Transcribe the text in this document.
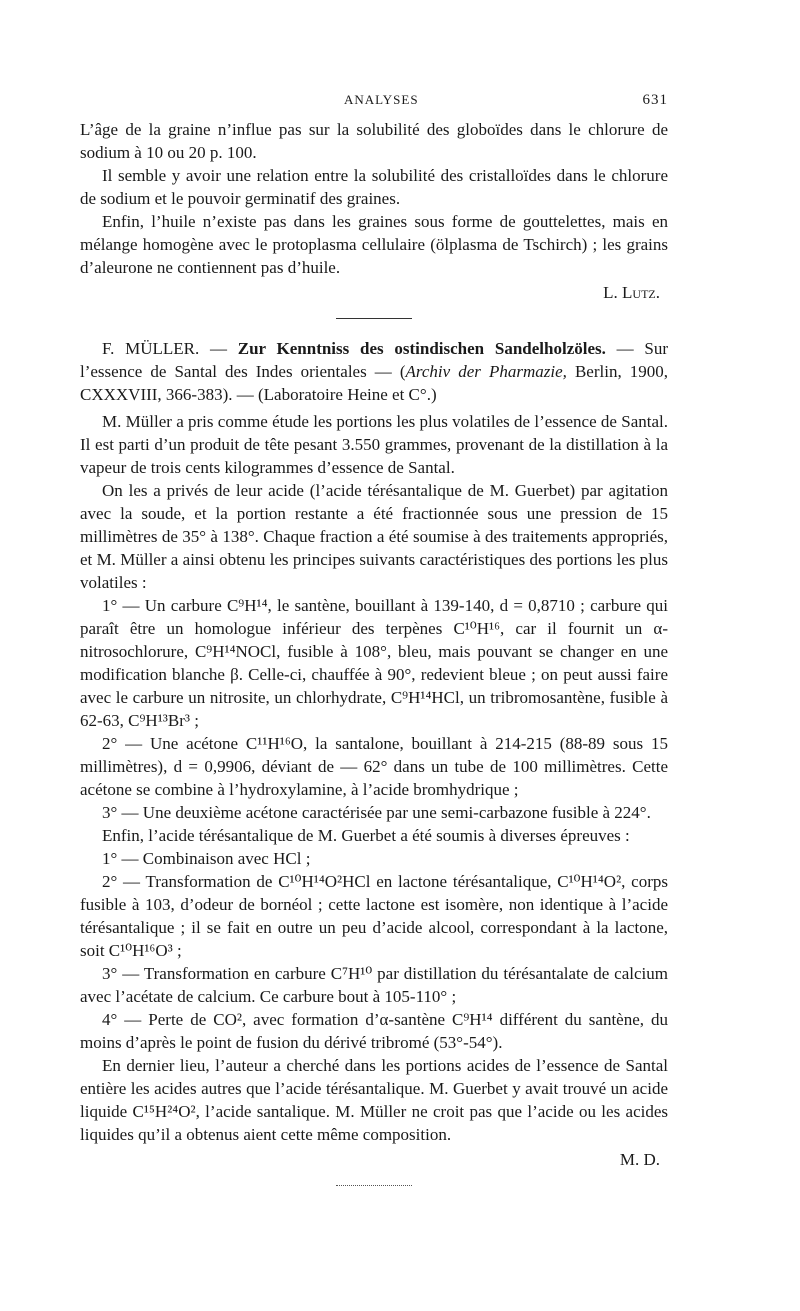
ANALYSES	631

L’âge de la graine n’influe pas sur la solubilité des globoïdes dans le chlorure de sodium à 10 ou 20 p. 100.

Il semble y avoir une relation entre la solubilité des cristalloïdes dans le chlorure de sodium et le pouvoir germinatif des graines.

Enfin, l’huile n’existe pas dans les graines sous forme de gouttelettes, mais en mélange homogène avec le protoplasma cellulaire (ölplasma de Tschirch) ; les grains d’aleurone ne contiennent pas d’huile.

L. Lutz.

F. MÜLLER. — Zur Kenntniss des ostindischen Sandelholzöles. — Sur l’essence de Santal des Indes orientales — (Archiv der Pharmazie, Berlin, 1900, CXXXVIII, 366-383). — (Laboratoire Heine et C°.)

M. Müller a pris comme étude les portions les plus volatiles de l’essence de Santal. Il est parti d’un produit de tête pesant 3.550 grammes, provenant de la distillation à la vapeur de trois cents kilogrammes d’essence de Santal.

On les a privés de leur acide (l’acide térésantalique de M. Guerbet) par agitation avec la soude, et la portion restante a été fractionnée sous une pression de 15 millimètres de 35° à 138°. Chaque fraction a été soumise à des traitements appropriés, et M. Müller a ainsi obtenu les principes suivants caractéristiques des portions les plus volatiles :

1° — Un carbure C⁹H¹⁴, le santène, bouillant à 139-140, d = 0,8710 ; carbure qui paraît être un homologue inférieur des terpènes C¹⁰H¹⁶, car il fournit un α-nitrosochlorure, C⁹H¹⁴NOCl, fusible à 108°, bleu, mais pouvant se changer en une modification blanche β. Celle-ci, chauffée à 90°, redevient bleue ; on peut aussi faire avec le carbure un nitrosite, un chlorhydrate, C⁹H¹⁴HCl, un tribromosantène, fusible à 62-63, C⁹H¹³Br³ ;

2° — Une acétone C¹¹H¹⁶O, la santalone, bouillant à 214-215 (88-89 sous 15 millimètres), d = 0,9906, déviant de — 62° dans un tube de 100 millimètres. Cette acétone se combine à l’hydroxylamine, à l’acide bromhydrique ;

3° — Une deuxième acétone caractérisée par une semi-carbazone fusible à 224°.

Enfin, l’acide térésantalique de M. Guerbet a été soumis à diverses épreuves :

1° — Combinaison avec HCl ;

2° — Transformation de C¹⁰H¹⁴O²HCl en lactone térésantalique, C¹⁰H¹⁴O², corps fusible à 103, d’odeur de bornéol ; cette lactone est isomère, non identique à l’acide térésantalique ; il se fait en outre un peu d’acide alcool, correspondant à la lactone, soit C¹⁰H¹⁶O³ ;

3° — Transformation en carbure C⁷H¹⁰ par distillation du térésantalate de calcium avec l’acétate de calcium. Ce carbure bout à 105-110° ;

4° — Perte de CO², avec formation d’α-santène C⁹H¹⁴ différent du santène, du moins d’après le point de fusion du dérivé tribromé (53°-54°).

En dernier lieu, l’auteur a cherché dans les portions acides de l’essence de Santal entière les acides autres que l’acide térésantalique. M. Guerbet y avait trouvé un acide liquide C¹⁵H²⁴O², l’acide santalique. M. Müller ne croit pas que l’acide ou les acides liquides qu’il a obtenus aient cette même composition.

M. D.
